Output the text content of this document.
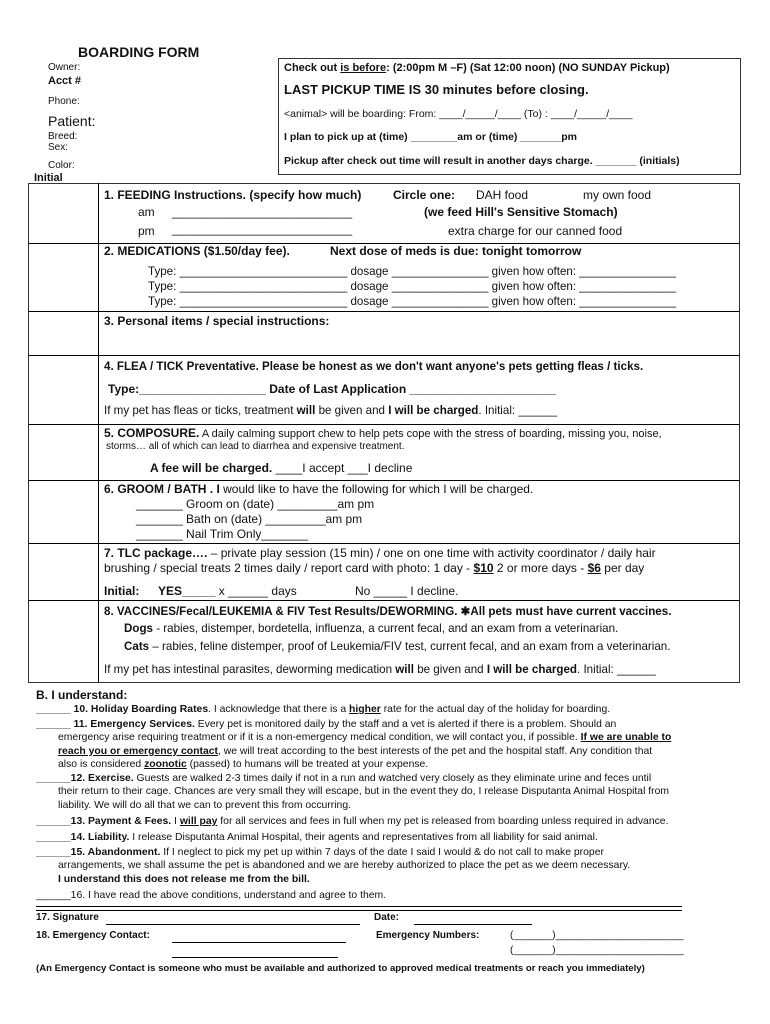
BOARDING FORM
Owner:
Acct #
Phone:
Patient:
Breed:
Sex:
Color:
Initial
Check out is before: (2:00pm M –F) (Sat 12:00 noon) (NO SUNDAY Pickup)
LAST PICKUP TIME IS 30 minutes before closing.
<animal> will be boarding: From: ____/_____/____ (To) : ____/_____/____
I plan to pick up at (time) ________am or (time) _______pm
Pickup after check out time will result in another days charge. _______ (initials)
1. FEEDING Instructions. (specify how much)	Circle one: DAH food	my own food
am ___________________________	(we feed Hill's Sensitive Stomach)
pm ___________________________	extra charge for our canned food
2. MEDICATIONS ($1.50/day fee).	Next dose of meds is due: tonight tomorrow
Type: __________________________ dosage _______________ given how often: _______________
Type: __________________________ dosage _______________ given how often: _______________
Type: __________________________ dosage _______________ given how often: _______________
3. Personal items / special instructions:
4. FLEA / TICK Preventative. Please be honest as we don't want anyone's pets getting fleas / ticks.
Type:___________________ Date of Last Application ______________________
If my pet has fleas or ticks, treatment will be given and I will be charged. Initial: ______
5. COMPOSURE. A daily calming support chew to help pets cope with the stress of boarding, missing you, noise,
storms… all of which can lead to diarrhea and expensive treatment.
A fee will be charged. ____I accept ___I decline
6. GROOM / BATH . I would like to have the following for which I will be charged.
_______ Groom on (date) _________am pm
_______ Bath on (date) _________am pm
_______ Nail Trim Only_______
7. TLC package…. – private play session (15 min) / one on one time with activity coordinator / daily hair
brushing / special treats 2 times daily / report card with photo: 1 day - $10 2 or more days - $6 per day
Initial: YES_____ x ______ days	No _____ I decline.
8. VACCINES/Fecal/LEUKEMIA & FIV Test Results/DEWORMING. ✱All pets must have current vaccines.
Dogs - rabies, distemper, bordetella, influenza, a current fecal, and an exam from a veterinarian.
Cats – rabies, feline distemper, proof of Leukemia/FIV test, current fecal, and an exam from a veterinarian.
If my pet has intestinal parasites, deworming medication will be given and I will be charged. Initial: ______
B. I understand:
______ 10. Holiday Boarding Rates. I acknowledge that there is a higher rate for the actual day of the holiday for boarding.
______ 11. Emergency Services. Every pet is monitored daily by the staff and a vet is alerted if there is a problem. Should an
emergency arise requiring treatment or if it is a non-emergency medical condition, we will contact you, if possible. If we are unable to
reach you or emergency contact, we will treat according to the best interests of the pet and the hospital staff. Any condition that
also is considered zoonotic (passed) to humans will be treated at your expense.
______12. Exercise. Guests are walked 2-3 times daily if not in a run and watched very closely as they eliminate urine and feces until
their return to their cage. Chances are very small they will escape, but in the event they do, I release Disputanta Animal Hospital from
liability. We will do all that we can to prevent this from occurring.
______13. Payment & Fees. I will pay for all services and fees in full when my pet is released from boarding unless required in advance.
______14. Liability. I release Disputanta Animal Hospital, their agents and representatives from all liability for said animal.
______15. Abandonment. If I neglect to pick my pet up within 7 days of the date I said I would & do not call to make proper
arrangements, we shall assume the pet is abandoned and we are hereby authorized to place the pet as we deem necessary.
I understand this does not release me from the bill.
______16. I have read the above conditions, understand and agree to them.
17. Signature	Date:
18. Emergency Contact:	Emergency Numbers:	(_______)_______________________
(_______)_______________________
(An Emergency Contact is someone who must be available and authorized to approved medical treatments or reach you immediately)
